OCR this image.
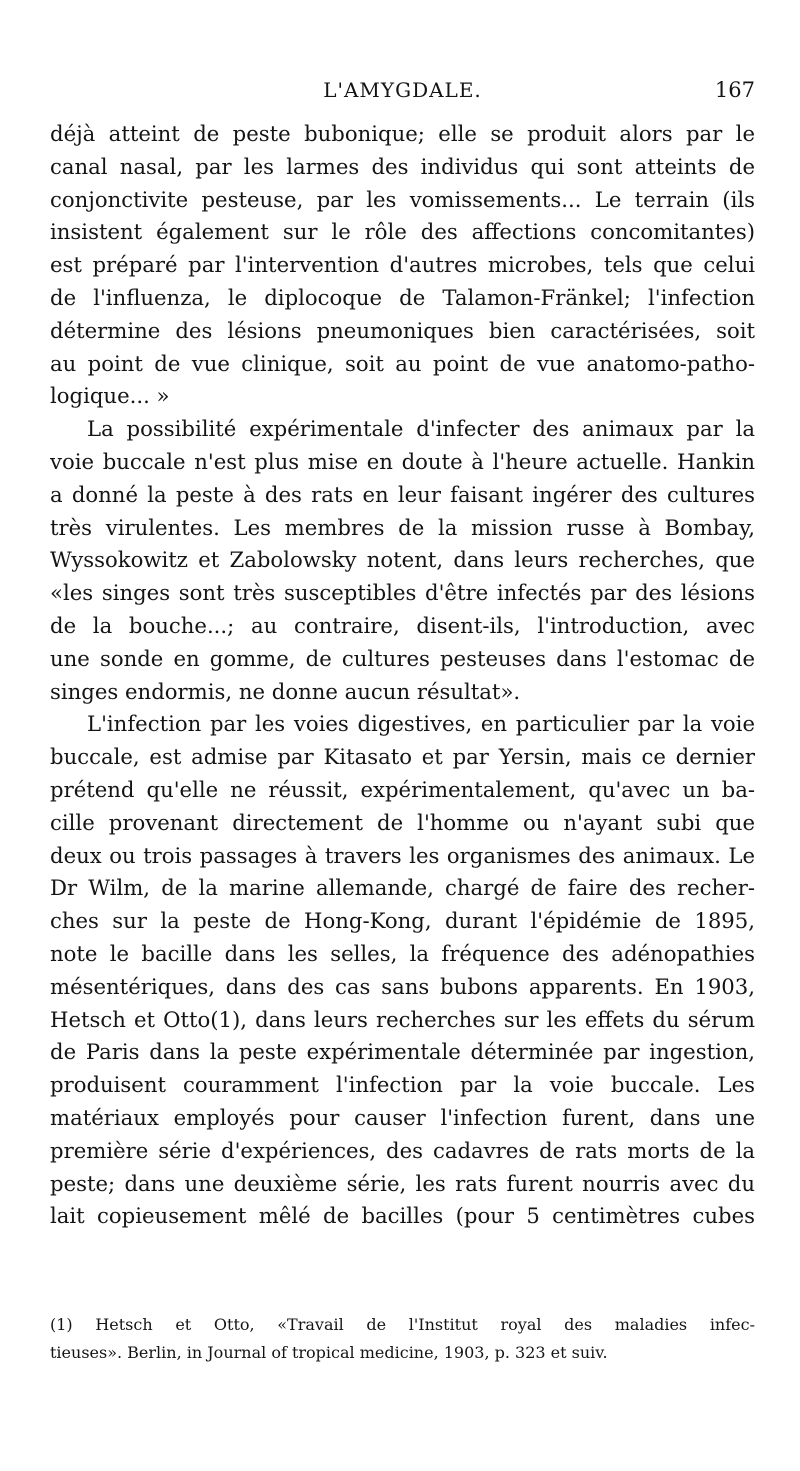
L'AMYGDALE.	167
déjà atteint de peste bubonique; elle se produit alors par le
canal nasal, par les larmes des individus qui sont atteints de
conjonctivite pesteuse, par les vomissements... Le terrain (ils
insistent également sur le rôle des affections concomitantes)
est préparé par l'intervention d'autres microbes, tels que celui
de l'influenza, le diplocoque de Talamon-Fränkel; l'infection
détermine des lésions pneumoniques bien caractérisées, soit
au point de vue clinique, soit au point de vue anatomo-patho-
logique... »
La possibilité expérimentale d'infecter des animaux par la
voie buccale n'est plus mise en doute à l'heure actuelle. Hankin
a donné la peste à des rats en leur faisant ingérer des cultures
très virulentes. Les membres de la mission russe à Bombay,
Wyssokowitz et Zabolowsky notent, dans leurs recherches, que
«les singes sont très susceptibles d'être infectés par des lésions
de la bouche...; au contraire, disent-ils, l'introduction, avec
une sonde en gomme, de cultures pesteuses dans l'estomac de
singes endormis, ne donne aucun résultat».
L'infection par les voies digestives, en particulier par la voie
buccale, est admise par Kitasato et par Yersin, mais ce dernier
prétend qu'elle ne réussit, expérimentalement, qu'avec un ba-
cille provenant directement de l'homme ou n'ayant subi que
deux ou trois passages à travers les organismes des animaux. Le
Dr Wilm, de la marine allemande, chargé de faire des recher-
ches sur la peste de Hong-Kong, durant l'épidémie de 1895,
note le bacille dans les selles, la fréquence des adénopathies
mésentériques, dans des cas sans bubons apparents. En 1903,
Hetsch et Otto(1), dans leurs recherches sur les effets du sérum
de Paris dans la peste expérimentale déterminée par ingestion,
produisent couramment l'infection par la voie buccale. Les
matériaux employés pour causer l'infection furent, dans une
première série d'expériences, des cadavres de rats morts de la
peste; dans une deuxième série, les rats furent nourris avec du
lait copieusement mêlé de bacilles (pour 5 centimètres cubes
(1) Hetsch et Otto, «Travail de l'Institut royal des maladies infec-
tieuses». Berlin, in Journal of tropical medicine, 1903, p. 323 et suiv.
